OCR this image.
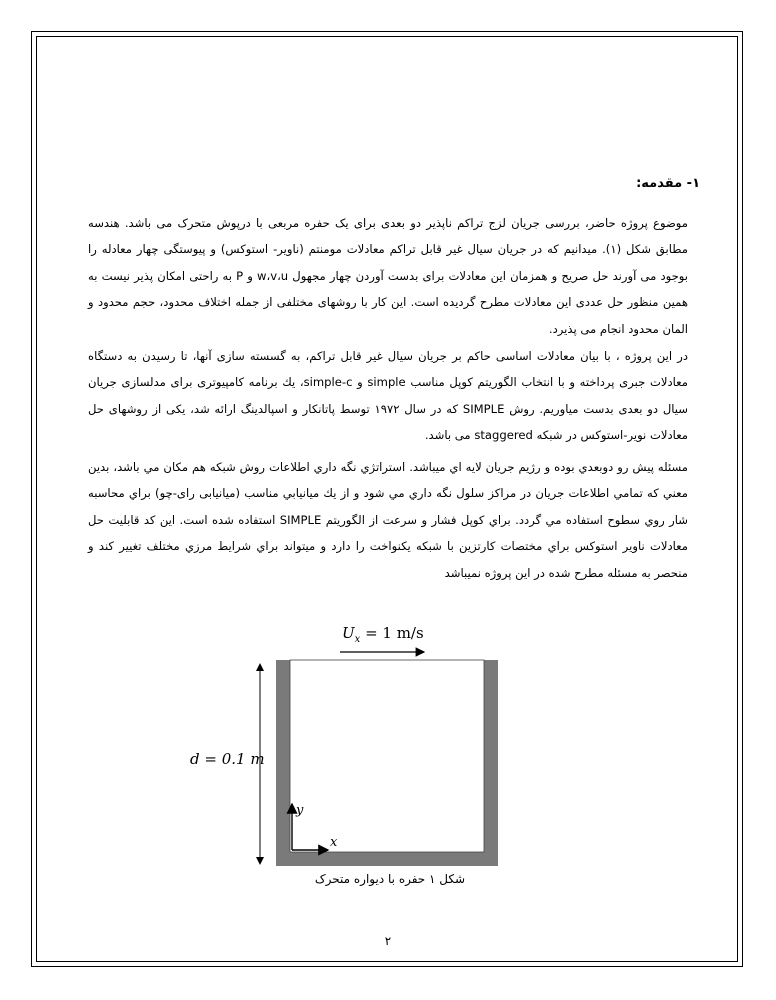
۱- مقدمه:

موضوع پروژه حاضر، بررسی جریان لزج تراکم ناپذیر دو بعدی برای یک حفره مربعی با درپوش متحرک می باشد. هندسه مطابق شکل (۱). میدانیم که در جریان سیال غیر قابل تراکم معادلات مومنتم (ناویر- استوکس) و پیوستگی چهار معادله را بوجود می آورند حل صریح و همزمان این معادلات برای بدست آوردن چهار مجهول w،v،u و P به راحتی امکان پذیر نیست به همین منظور حل عددی این معادلات مطرح گردیده است. این کار با روشهای مختلفی از جمله اختلاف محدود، حجم محدود و المان محدود انجام می پذیرد.

در این پروژه ، با بیان معادلات اساسی حاکم بر جریان سیال غیر قابل تراکم، به گسسته سازی آنها، تا رسیدن به دستگاه معادلات جبری پرداخته و با انتخاب الگوریتم کوپل مناسب simple و simple-c، یك برنامه کامپیوتری برای مدلسازی جریان سیال دو بعدی بدست میاوریم. روش SIMPLE که در سال ۱۹۷۲ توسط پاتانکار و اسپالدینگ ارائه شد، یکی از روشهای حل معادلات نویر-استوکس در شبکه staggered می باشد.

مسئله پیش رو دوبعدي بوده و رژیم جریان لایه اي میباشد. استراتژي نگه داري اطلاعات روش شبکه هم مکان مي باشد، بدین معني که تمامي اطلاعات جریان در مراکز سلول نگه داري مي شود و از یك میانیابي مناسب (میانیابی رای-چو) براي محاسبه شار روي سطوح استفاده مي گردد. براي کوپل فشار و سرعت از الگوریتم SIMPLE استفاده شده است. این کد قابلیت حل معادلات ناویر استوکس براي مختصات کارتزین با شبکه یکنواخت را دارد و میتواند براي شرایط مرزي مختلف تغییر کند و منحصر به مسئله مطرح شده در این پروژه نميباشد

$U_x = 1$ m/s
d = 0.1 m
x
y
شکل ۱ حفره با دیواره متحرک
۲
